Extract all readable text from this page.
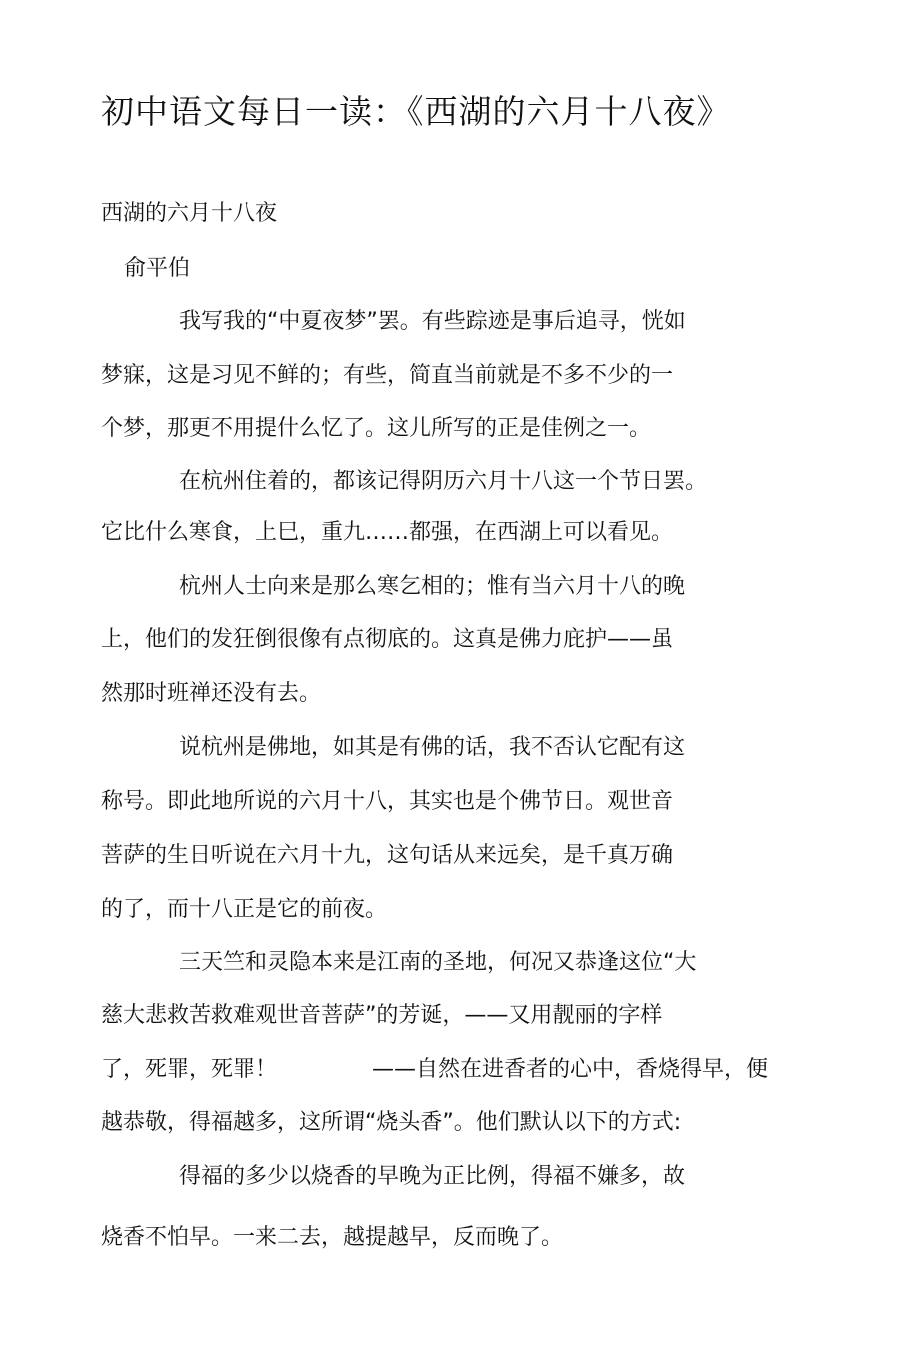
初中语文每日一读：《西湖的六月十八夜》
西湖的六月十八夜
俞平伯
我写我的“中夏夜梦”罢。有些踪迹是事后追寻，恍如
梦寐，这是习见不鲜的；有些，简直当前就是不多不少的一
个梦，那更不用提什么忆了。这儿所写的正是佳例之一。
在杭州住着的，都该记得阴历六月十八这一个节日罢。
它比什么寒食，上巳，重九……都强，在西湖上可以看见。
杭州人士向来是那么寒乞相的；惟有当六月十八的晚
上，他们的发狂倒很像有点彻底的。这真是佛力庇护——虽
然那时班禅还没有去。
说杭州是佛地，如其是有佛的话，我不否认它配有这
称号。即此地所说的六月十八，其实也是个佛节日。观世音
菩萨的生日听说在六月十九，这句话从来远矣，是千真万确
的了，而十八正是它的前夜。
三天竺和灵隐本来是江南的圣地，何况又恭逢这位“大
慈大悲救苦救难观世音菩萨”的芳诞，——又用靓丽的字样
了，死罪，死罪！	——自然在进香者的心中，香烧得早，便
越恭敬，得福越多，这所谓“烧头香”。他们默认以下的方式:
得福的多少以烧香的早晚为正比例，得福不嫌多，故
烧香不怕早。一来二去，越提越早，反而晚了。
